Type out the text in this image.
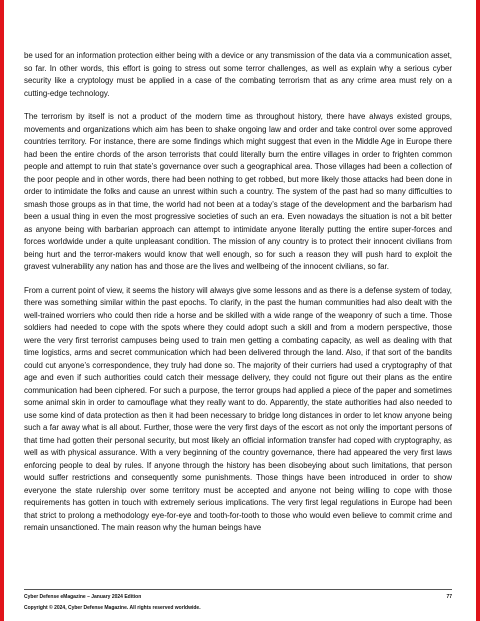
be used for an information protection either being with a device or any transmission of the data via a communication asset, so far. In other words, this effort is going to stress out some terror challenges, as well as explain why a serious cyber security like a cryptology must be applied in a case of the combating terrorism that as any crime area must rely on a cutting-edge technology.

The terrorism by itself is not a product of the modern time as throughout history, there have always existed groups, movements and organizations which aim has been to shake ongoing law and order and take control over some approved countries territory. For instance, there are some findings which might suggest that even in the Middle Age in Europe there had been the entire chords of the arson terrorists that could literally burn the entire villages in order to frighten common people and attempt to ruin that state’s governance over such a geographical area. Those villages had been a collection of the poor people and in other words, there had been nothing to get robbed, but more likely those attacks had been done in order to intimidate the folks and cause an unrest within such a country. The system of the past had so many difficulties to smash those groups as in that time, the world had not been at a today’s stage of the development and the barbarism had been a usual thing in even the most progressive societies of such an era. Even nowadays the situation is not a bit better as anyone being with barbarian approach can attempt to intimidate anyone literally putting the entire super-forces and forces worldwide under a quite unpleasant condition. The mission of any country is to protect their innocent civilians from being hurt and the terror-makers would know that well enough, so for such a reason they will push hard to exploit the gravest vulnerability any nation has and those are the lives and wellbeing of the innocent civilians, so far.

From a current point of view, it seems the history will always give some lessons and as there is a defense system of today, there was something similar within the past epochs. To clarify, in the past the human communities had also dealt with the well-trained worriers who could then ride a horse and be skilled with a wide range of the weaponry of such a time. Those soldiers had needed to cope with the spots where they could adopt such a skill and from a modern perspective, those were the very first terrorist campuses being used to train men getting a combating capacity, as well as dealing with that time logistics, arms and secret communication which had been delivered through the land. Also, if that sort of the bandits could cut anyone’s correspondence, they truly had done so. The majority of their curriers had used a cryptography of that age and even if such authorities could catch their message delivery, they could not figure out their plans as the entire communication had been ciphered. For such a purpose, the terror groups had applied a piece of the paper and sometimes some animal skin in order to camouflage what they really want to do. Apparently, the state authorities had also needed to use some kind of data protection as then it had been necessary to bridge long distances in order to let know anyone being such a far away what is all about. Further, those were the very first days of the escort as not only the important persons of that time had gotten their personal security, but most likely an official information transfer had coped with cryptography, as well as with physical assurance. With a very beginning of the country governance, there had appeared the very first laws enforcing people to deal by rules. If anyone through the history has been disobeying about such limitations, that person would suffer restrictions and consequently some punishments. Those things have been introduced in order to show everyone the state rulership over some territory must be accepted and anyone not being willing to cope with those requirements has gotten in touch with extremely serious implications. The very first legal regulations in Europe had been that strict to prolong a methodology eye-for-eye and tooth-for-tooth to those who would even believe to commit crime and remain unsanctioned. The main reason why the human beings have

Cyber Defense eMagazine – January 2024 Edition	77
Copyright © 2024, Cyber Defense Magazine. All rights reserved worldwide.
